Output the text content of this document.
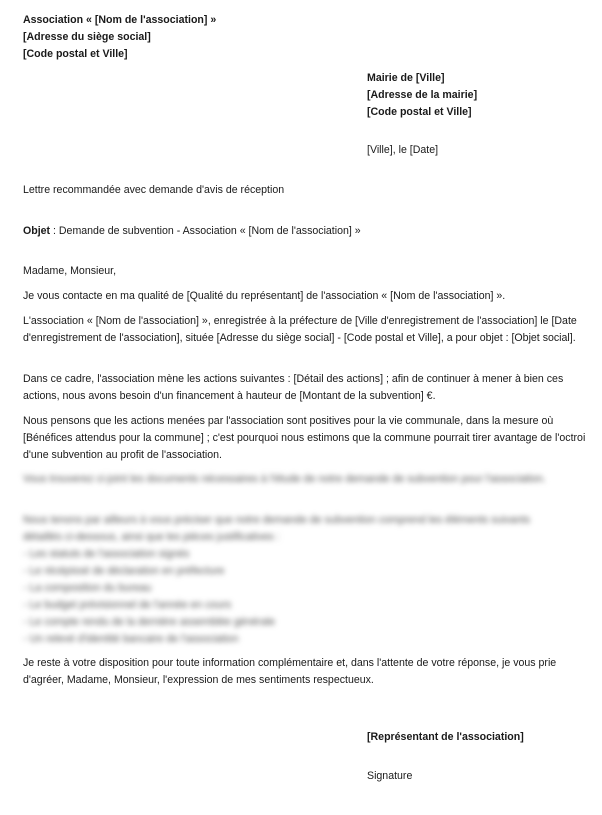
Association « [Nom de l'association] »
[Adresse du siège social]
[Code postal et Ville]
Mairie de [Ville]
[Adresse de la mairie]
[Code postal et Ville]
[Ville], le [Date]
Lettre recommandée avec demande d'avis de réception
Objet : Demande de subvention - Association « [Nom de l'association] »
Madame, Monsieur,

Je vous contacte en ma qualité de [Qualité du représentant] de l'association « [Nom de l'association] ».

L'association « [Nom de l'association] », enregistrée à la préfecture de [Ville d'enregistrement de l'association] le [Date d'enregistrement de l'association], située [Adresse du siège social] - [Code postal et Ville], a pour objet : [Objet social].

Dans ce cadre, l'association mène les actions suivantes : [Détail des actions] ; afin de continuer à mener à bien ces actions, nous avons besoin d'un financement à hauteur de [Montant de la subvention] €.

Nous pensons que les actions menées par l'association sont positives pour la vie communale, dans la mesure où [Bénéfices attendus pour la commune] ; c'est pourquoi nous estimons que la commune pourrait tirer avantage de l'octroi d'une subvention au profit de l'association.

Vous trouverez ci-joint les documents nécessaires à l'étude de notre demande de subvention pour l'association.
Nous tenons par ailleurs à vous préciser que notre demande de subvention comprend les éléments suivants
détaillés ci-dessous, ainsi que les pièces justificatives :
- Les statuts de l'association signés
- Le récépissé de déclaration en préfecture
- La composition du bureau
- Le budget prévisionnel de l'année en cours
- Le compte rendu de la dernière assemblée générale
- Un relevé d'identité bancaire de l'association

Je reste à votre disposition pour toute information complémentaire et, dans l'attente de votre réponse, je vous prie d'agréer, Madame, Monsieur, l'expression de mes sentiments respectueux.

[Représentant de l'association]
Signature
